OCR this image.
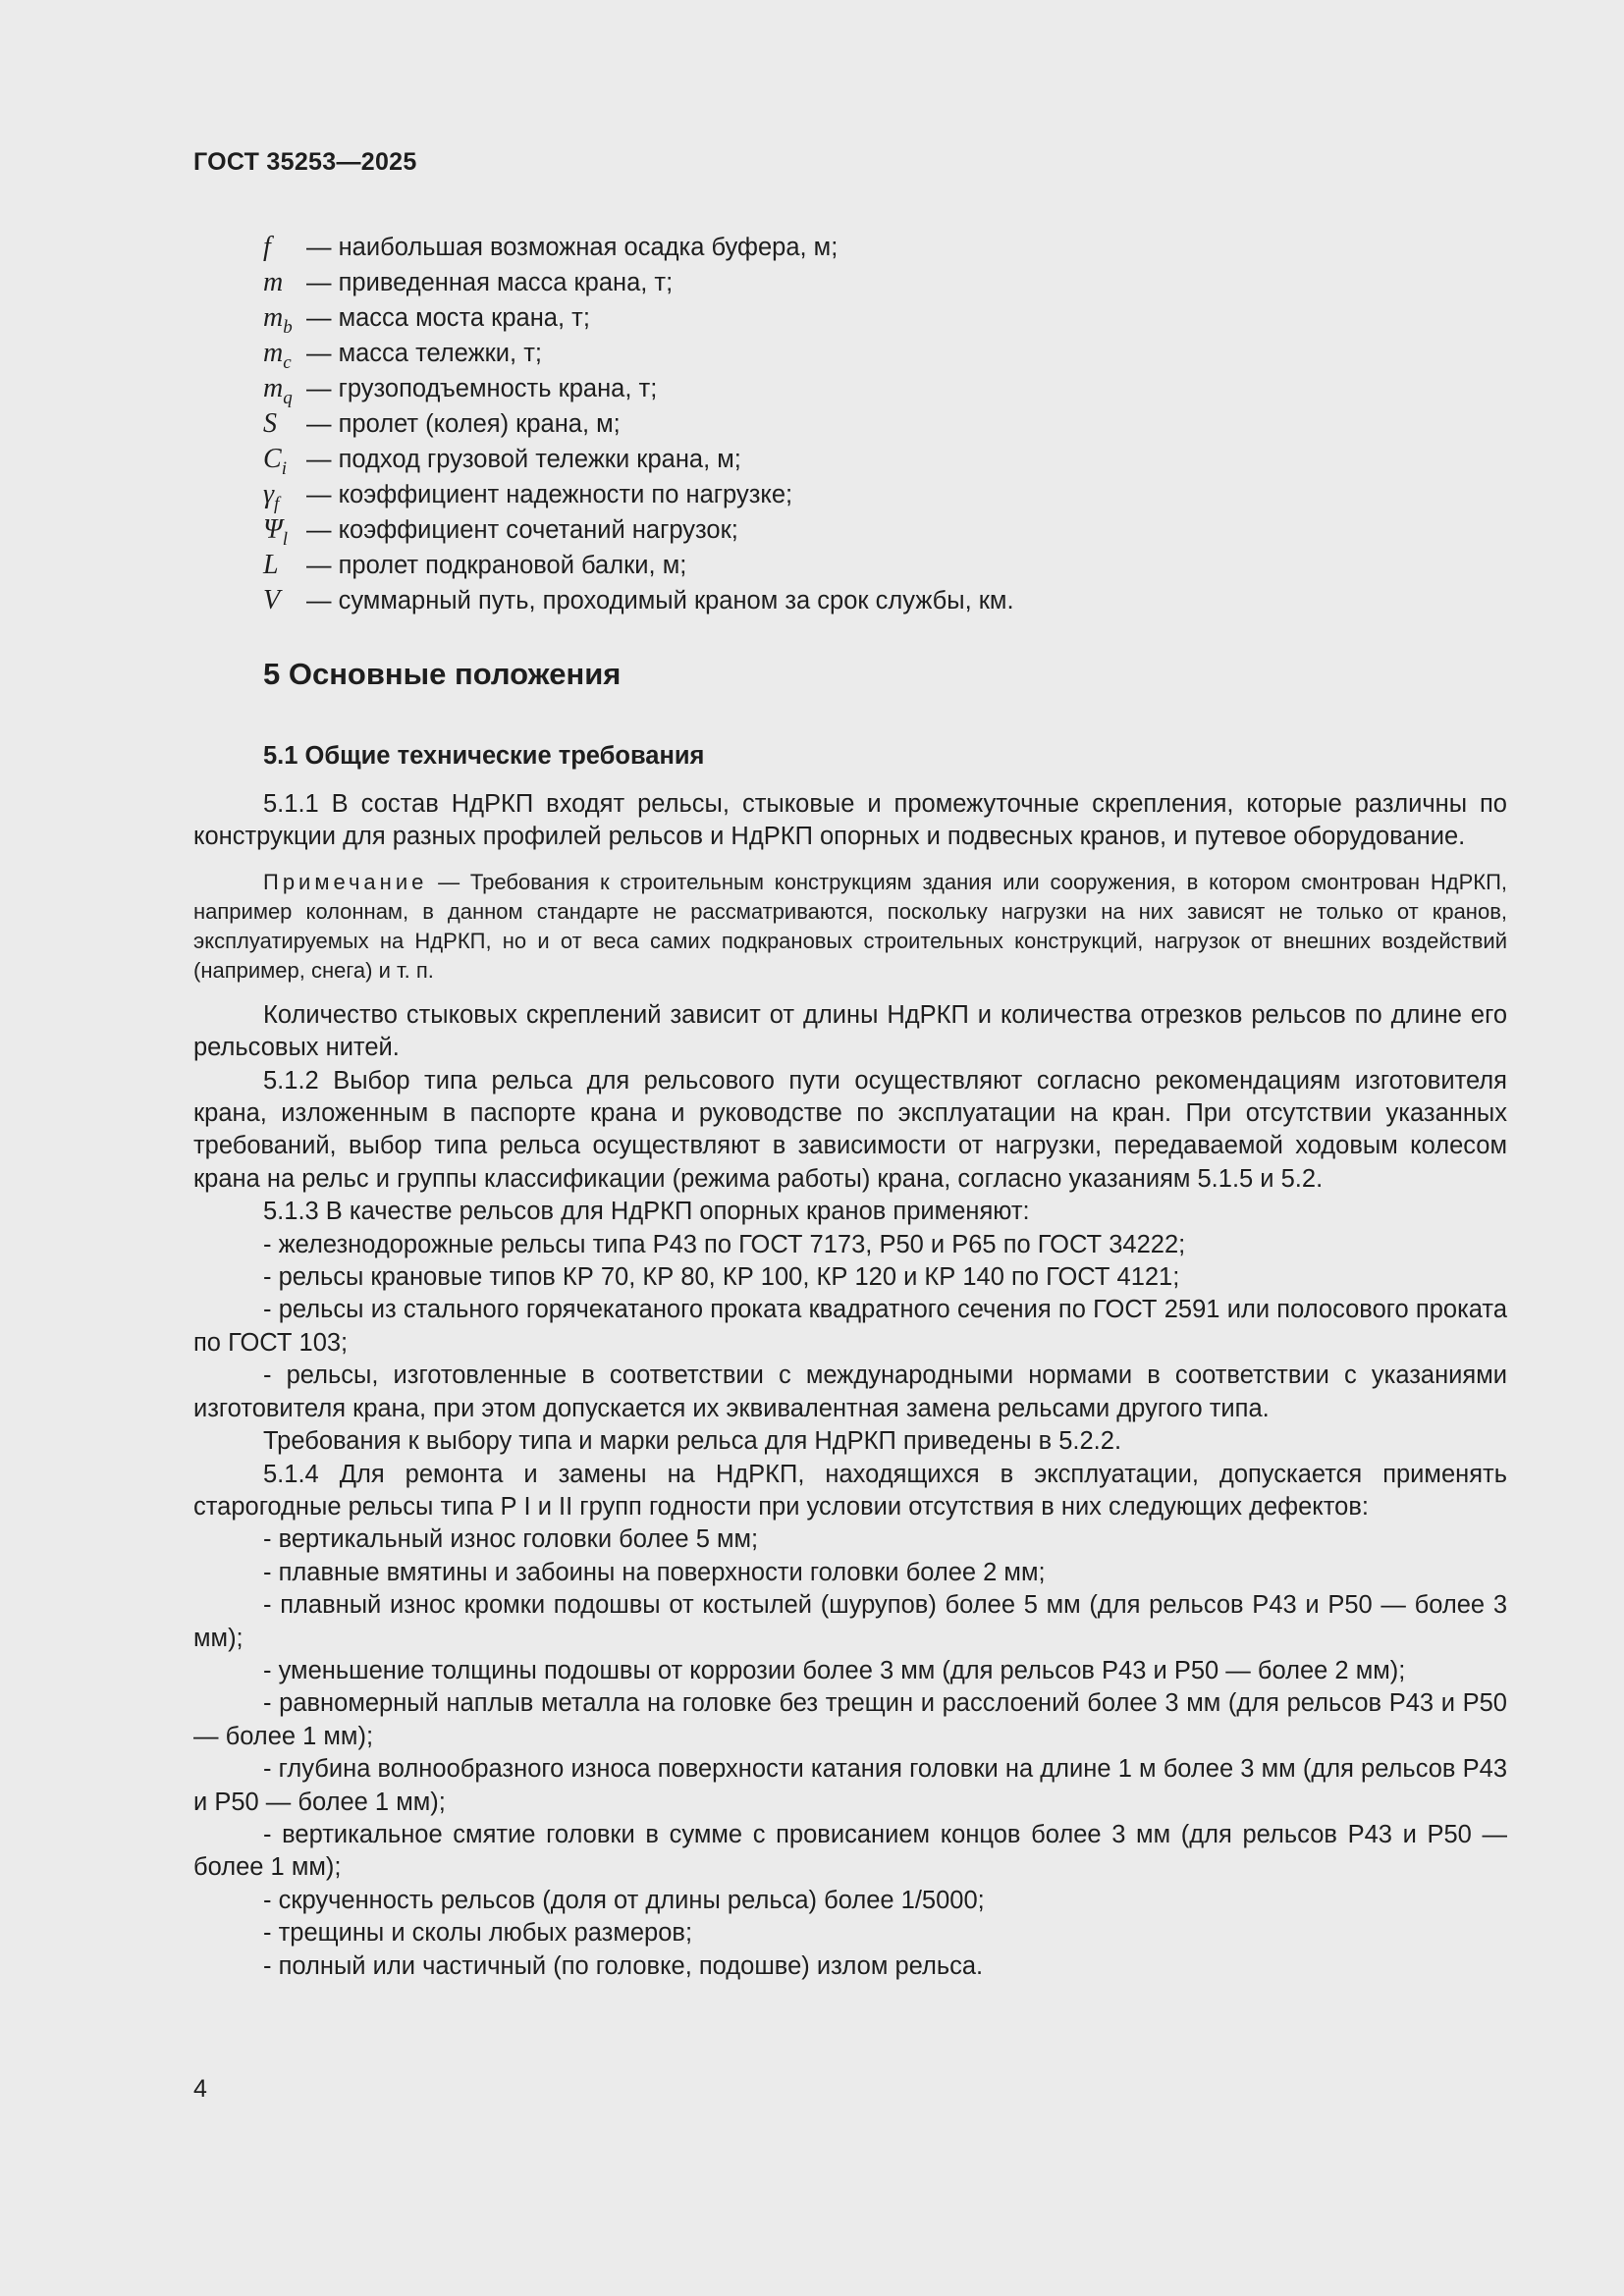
ГОСТ 35253—2025
f	— наибольшая возможная осадка буфера, м;
m — приведенная масса крана, т;
$m_b$ — масса моста крана, т;
$m_c$ — масса тележки, т;
$m_q$ — грузоподъемность крана, т;
S	— пролет (колея) крана, м;
$C_i$ — подход грузовой тележки крана, м;
$\gamma_f$	— коэффициент надежности по нагрузке;
$\Psi_l$ — коэффициент сочетаний нагрузок;
L	— пролет подкрановой балки, м;
V	— суммарный путь, проходимый краном за срок службы, км.
5 Основные положения
5.1 Общие технические требования

5.1.1 В состав НдРКП входят рельсы, стыковые и промежуточные скрепления, которые различны по конструкции для разных профилей рельсов и НдРКП опорных и подвесных кранов, и путевое оборудование.

Примечание — Требования к строительным конструкциям здания или сооружения, в котором смонтрован НдРКП, например колоннам, в данном стандарте не рассматриваются, поскольку нагрузки на них зависят не только от кранов, эксплуатируемых на НдРКП, но и от веса самих подкрановых строительных конструкций, нагрузок от внешних воздействий (например, снега) и т. п.

Количество стыковых скреплений зависит от длины НдРКП и количества отрезков рельсов по длине его рельсовых нитей.

5.1.2 Выбор типа рельса для рельсового пути осуществляют согласно рекомендациям изготовителя крана, изложенным в паспорте крана и руководстве по эксплуатации на кран. При отсутствии указанных требований, выбор типа рельса осуществляют в зависимости от нагрузки, передаваемой ходовым колесом крана на рельс и группы классификации (режима работы) крана, согласно указаниям 5.1.5 и 5.2.

5.1.3 В качестве рельсов для НдРКП опорных кранов применяют:

- железнодорожные рельсы типа Р43 по ГОСТ 7173, Р50 и Р65 по ГОСТ 34222;

- рельсы крановые типов КР 70, КР 80, КР 100, КР 120 и КР 140 по ГОСТ 4121;

- рельсы из стального горячекатаного проката квадратного сечения по ГОСТ 2591 или полосового проката по ГОСТ 103;

- рельсы, изготовленные в соответствии с международными нормами в соответствии с указаниями изготовителя крана, при этом допускается их эквивалентная замена рельсами другого типа.

Требования к выбору типа и марки рельса для НдРКП приведены в 5.2.2.

5.1.4 Для ремонта и замены на НдРКП, находящихся в эксплуатации, допускается применять старогодные рельсы типа Р I и II групп годности при условии отсутствия в них следующих дефектов:

- вертикальный износ головки более 5 мм;

- плавные вмятины и забоины на поверхности головки более 2 мм;

- плавный износ кромки подошвы от костылей (шурупов) более 5 мм (для рельсов Р43 и Р50 — более 3 мм);

- уменьшение толщины подошвы от коррозии более 3 мм (для рельсов Р43 и Р50 — более 2 мм);

- равномерный наплыв металла на головке без трещин и расслоений более 3 мм (для рельсов Р43 и Р50 — более 1 мм);

- глубина волнообразного износа поверхности катания головки на длине 1 м более 3 мм (для рельсов Р43 и Р50 — более 1 мм);

- вертикальное смятие головки в сумме с провисанием концов более 3 мм (для рельсов Р43 и Р50 — более 1 мм);

- скрученность рельсов (доля от длины рельса) более 1/5000;

- трещины и сколы любых размеров;

- полный или частичный (по головке, подошве) излом рельса.

4
